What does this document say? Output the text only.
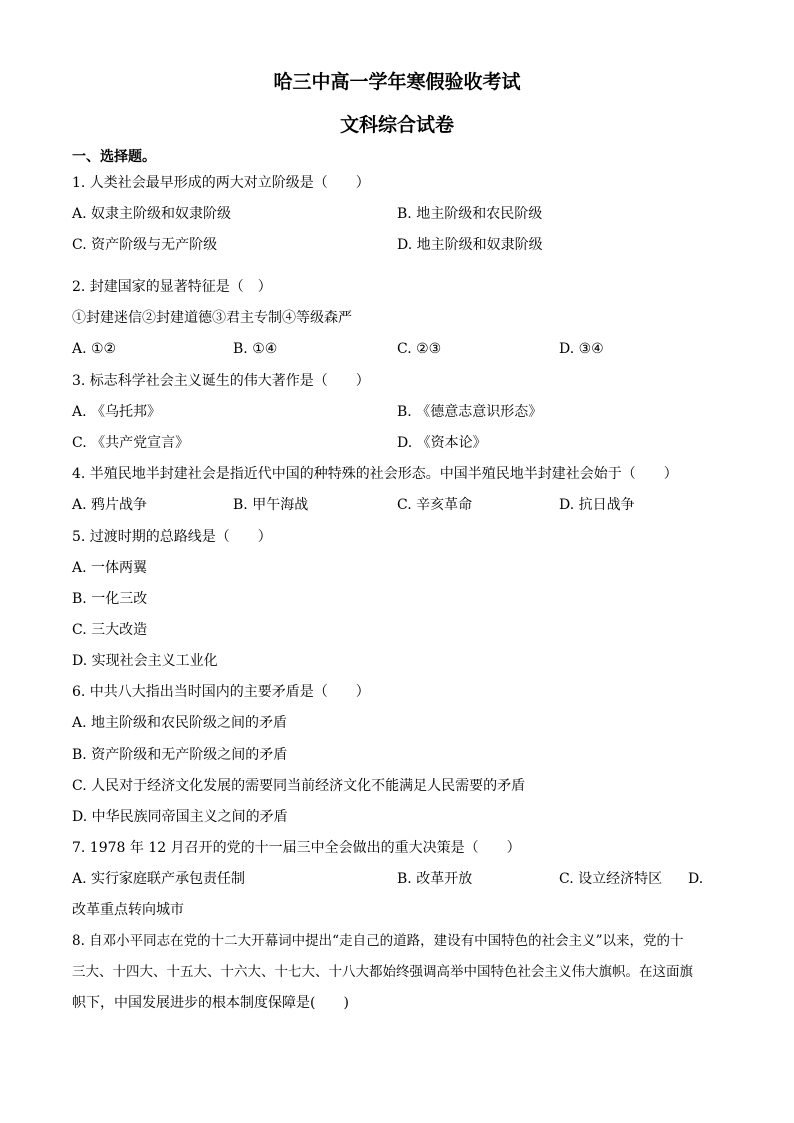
哈三中高一学年寒假验收考试
文科综合试卷
一、选择题。
1. 人类社会最早形成的两大对立阶级是（　　）
A. 奴隶主阶级和奴隶阶级	B. 地主阶级和农民阶级
C. 资产阶级与无产阶级	D. 地主阶级和奴隶阶级
2. 封建国家的显著特征是（　）
①封建迷信②封建道德③君主专制④等级森严
A. ①②	B. ①④	C. ②③	D. ③④
3. 标志科学社会主义诞生的伟大著作是（　　）
A. 《乌托邦》	B. 《德意志意识形态》
C. 《共产党宣言》	D. 《资本论》
4. 半殖民地半封建社会是指近代中国的种特殊的社会形态。中国半殖民地半封建社会始于（　　）
A. 鸦片战争	B. 甲午海战	C. 辛亥革命	D. 抗日战争
5. 过渡时期的总路线是（　　）
A. 一体两翼
B. 一化三改
C. 三大改造
D. 实现社会主义工业化
6. 中共八大指出当时国内的主要矛盾是（　　）
A. 地主阶级和农民阶级之间的矛盾
B. 资产阶级和无产阶级之间的矛盾
C. 人民对于经济文化发展的需要同当前经济文化不能满足人民需要的矛盾
D. 中华民族同帝国主义之间的矛盾
7. 1978 年 12 月召开的党的十一届三中全会做出的重大决策是（　　）
A. 实行家庭联产承包责任制	B. 改革开放	C. 设立经济特区 D.
改革重点转向城市
8. 自邓小平同志在党的十二大开幕词中提出“走自己的道路，建设有中国特色的社会主义”以来，党的十
三大、十四大、十五大、十六大、十七大、十八大都始终强调高举中国特色社会主义伟大旗帜。在这面旗
帜下，中国发展进步的根本制度保障是(　　)
